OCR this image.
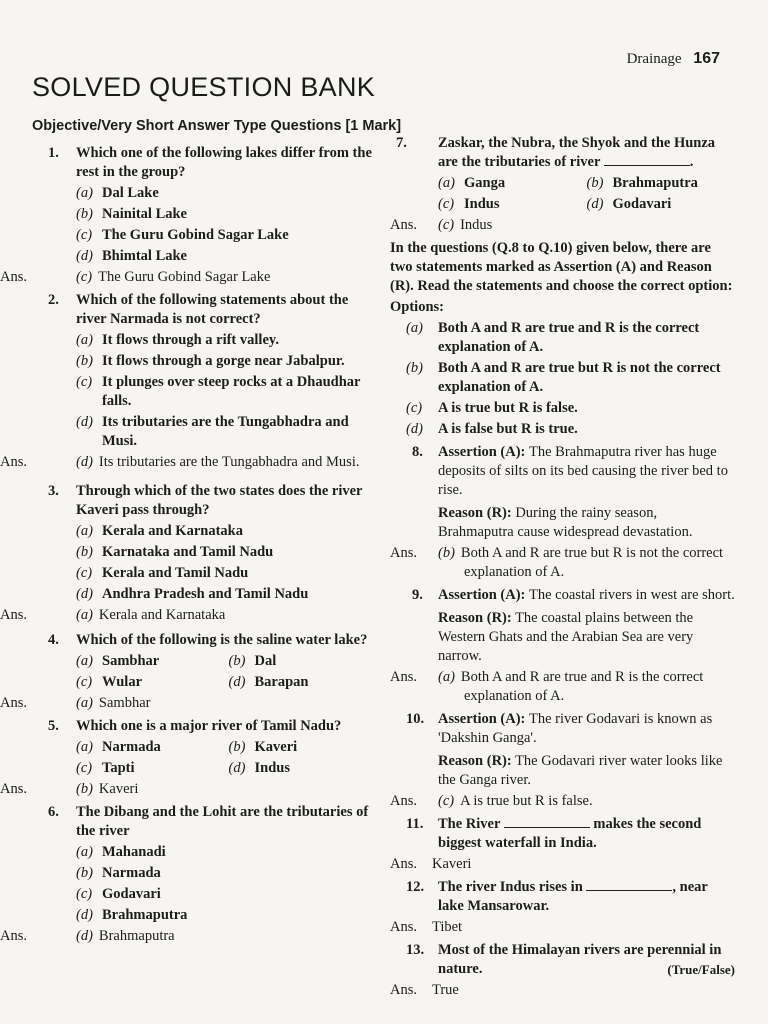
Drainage 167
SOLVED QUESTION BANK
Objective/Very Short Answer Type Questions [1 Mark]
1. Which one of the following lakes differ from the rest in the group?
(a) Dal Lake
(b) Nainital Lake
(c) The Guru Gobind Sagar Lake
(d) Bhimtal Lake
Ans.	(c) The Guru Gobind Sagar Lake
2. Which of the following statements about the river Narmada is not correct?
(a) It flows through a rift valley.
(b) It flows through a gorge near Jabalpur.
(c) It plunges over steep rocks at a Dhaudhar falls.
(d) Its tributaries are the Tungabhadra and Musi.
Ans.	(d) Its tributaries are the Tungabhadra and Musi.
3. Through which of the two states does the river Kaveri pass through?
(a) Kerala and Karnataka
(b) Karnataka and Tamil Nadu
(c) Kerala and Tamil Nadu
(d) Andhra Pradesh and Tamil Nadu
Ans.	(a) Kerala and Karnataka
4. Which of the following is the saline water lake?
(a) Sambhar	(b) Dal
(c) Wular	(d) Barapan
Ans.	(a) Sambhar
5. Which one is a major river of Tamil Nadu?
(a) Narmada	(b) Kaveri
(c) Tapti	(d) Indus
Ans.	(b) Kaveri
6. The Dibang and the Lohit are the tributaries of the river
(a) Mahanadi
(b) Narmada
(c) Godavari
(d) Brahmaputra
Ans.	(d) Brahmaputra
7. Zaskar, the Nubra, the Shyok and the Hunza are the tributaries of river	.
(a) Ganga	(b) Brahmaputra
(c) Indus	(d) Godavari
Ans. (c) Indus
In the questions (Q.8 to Q.10) given below, there are two statements marked as Assertion (A) and Reason (R). Read the statements and choose the correct option:
Options:
(a) Both A and R are true and R is the correct explanation of A.
(b) Both A and R are true but R is not the correct explanation of A.
(c) A is true but R is false.
(d) A is false but R is true.
8. Assertion (A): The Brahmaputra river has huge deposits of silts on its bed causing the river bed to rise.
Reason (R): During the rainy season, Brahmaputra cause widespread devastation.
Ans. (b) Both A and R are true but R is not the correct explanation of A.
9. Assertion (A): The coastal rivers in west are short.
Reason (R): The coastal plains between the Western Ghats and the Arabian Sea are very narrow.
Ans. (a) Both A and R are true and R is the correct explanation of A.
10. Assertion (A): The river Godavari is known as 'Dakshin Ganga'.
Reason (R): The Godavari river water looks like the Ganga river.
Ans. (c) A is true but R is false.
11. The River	makes the second biggest waterfall in India.
Ans. Kaveri
12. The river Indus rises in	, near lake Mansarowar.
Ans. Tibet
13. Most of the Himalayan rivers are perennial in nature.	(True/False)
Ans. True
